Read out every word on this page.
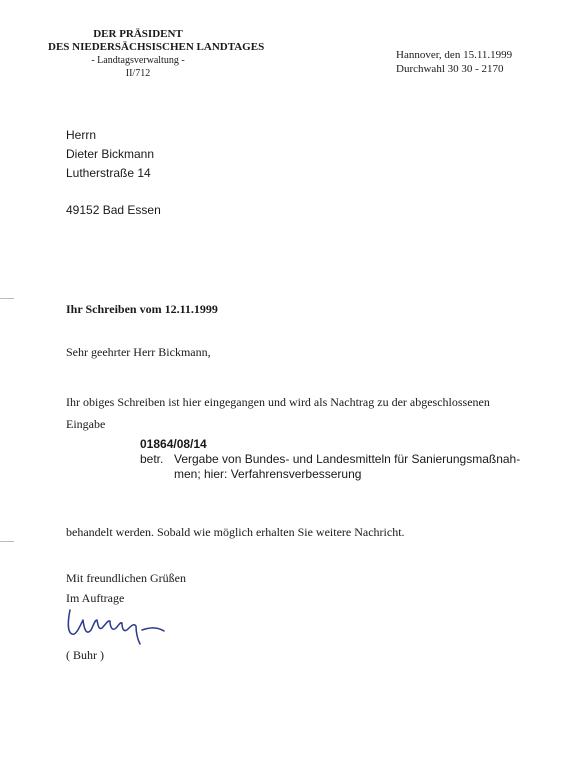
DER PRÄSIDENT
DES NIEDERSÄCHSISCHEN LANDTAGES
- Landtagsverwaltung -
II/712
Hannover, den 15.11.1999
Durchwahl 30 30 - 2170
Herrn
Dieter Bickmann
Lutherstraße 14
49152 Bad Essen
Ihr Schreiben vom 12.11.1999
Sehr geehrter Herr Bickmann,
Ihr obiges Schreiben ist hier eingegangen und wird als Nachtrag zu der abgeschlossenen
Eingabe
01864/08/14
betr. Vergabe von Bundes- und Landesmitteln für Sanierungsmaßnah-
men; hier: Verfahrensverbesserung
behandelt werden. Sobald wie möglich erhalten Sie weitere Nachricht.
Mit freundlichen Grüßen
Im Auftrage
( Buhr )
